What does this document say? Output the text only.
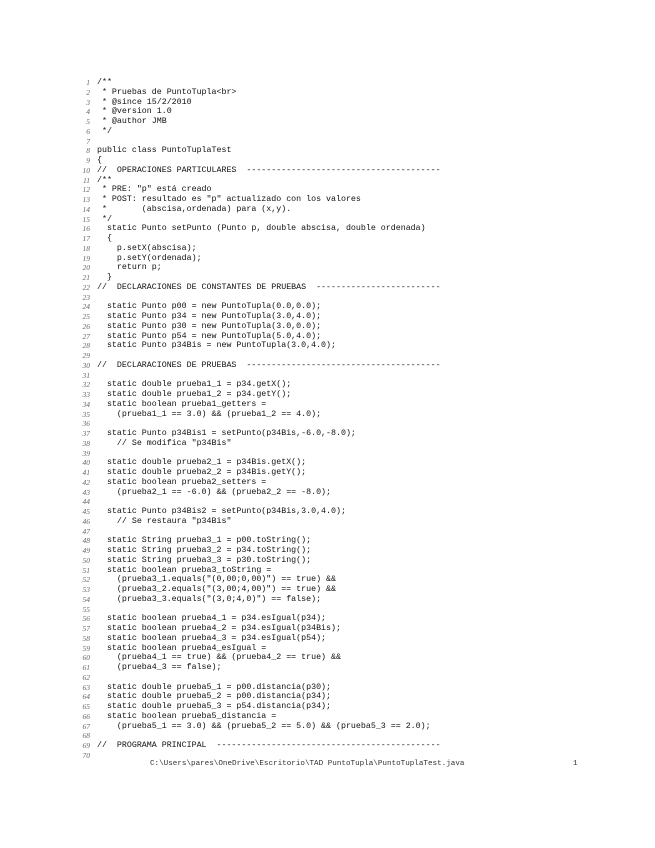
1 /**
2 * Pruebas de PuntoTupla<br>
3 * @since 15/2/2010
4 * @version 1.0
5 * @author JMB
6 */
7
8 public class PuntoTuplaTest
9 {
10 //  OPERACIONES PARTICULARES  ---------------------------------------
11 /**
12 * PRE: "p" está creado
13 * POST: resultado es "p" actualizado con los valores
14 *       (abscisa,ordenada) para (x,y).
15 */
16  static Punto setPunto (Punto p, double abscisa, double ordenada)
17  {
18    p.setX(abscisa);
19    p.setY(ordenada);
20    return p;
21  }
22 //  DECLARACIONES DE CONSTANTES DE PRUEBAS  -------------------------
23
24  static Punto p00 = new PuntoTupla(0.0,0.0);
25  static Punto p34 = new PuntoTupla(3.0,4.0);
26  static Punto p30 = new PuntoTupla(3.0,0.0);
27  static Punto p54 = new PuntoTupla(5.0,4.0);
28  static Punto p34Bis = new PuntoTupla(3.0,4.0);
29
30 //  DECLARACIONES DE PRUEBAS  ---------------------------------------
31
32  static double prueba1_1 = p34.getX();
33  static double prueba1_2 = p34.getY();
34  static boolean prueba1_getters =
35    (prueba1_1 == 3.0) && (prueba1_2 == 4.0);
36
37  static Punto p34Bis1 = setPunto(p34Bis,-6.0,-8.0);
38    // Se modifica "p34Bis"
39
40  static double prueba2_1 = p34Bis.getX();
41  static double prueba2_2 = p34Bis.getY();
42  static boolean prueba2_setters =
43    (prueba2_1 == -6.0) && (prueba2_2 == -8.0);
44
45  static Punto p34Bis2 = setPunto(p34Bis,3.0,4.0);
46    // Se restaura "p34Bis"
47
48  static String prueba3_1 = p00.toString();
49  static String prueba3_2 = p34.toString();
50  static String prueba3_3 = p30.toString();
51  static boolean prueba3_toString =
52    (prueba3_1.equals("(0,00;0,00)") == true) &&
53    (prueba3_2.equals("(3,00;4,00)") == true) &&
54    (prueba3_3.equals("(3,0;4,0)") == false);
55
56  static boolean prueba4_1 = p34.esIgual(p34);
57  static boolean prueba4_2 = p34.esIgual(p34Bis);
58  static boolean prueba4_3 = p34.esIgual(p54);
59  static boolean prueba4_esIgual =
60    (prueba4_1 == true) && (prueba4_2 == true) &&
61    (prueba4_3 == false);
62
63  static double prueba5_1 = p00.distancia(p30);
64  static double prueba5_2 = p00.distancia(p34);
65  static double prueba5_3 = p54.distancia(p34);
66  static boolean prueba5_distancia =
67    (prueba5_1 == 3.0) && (prueba5_2 == 5.0) && (prueba5_3 == 2.0);
68
69 //  PROGRAMA PRINCIPAL  ---------------------------------------------
70
C:\Users\pares\OneDrive\Escritorio\TAD PuntoTupla\PuntoTuplaTest.java	1
